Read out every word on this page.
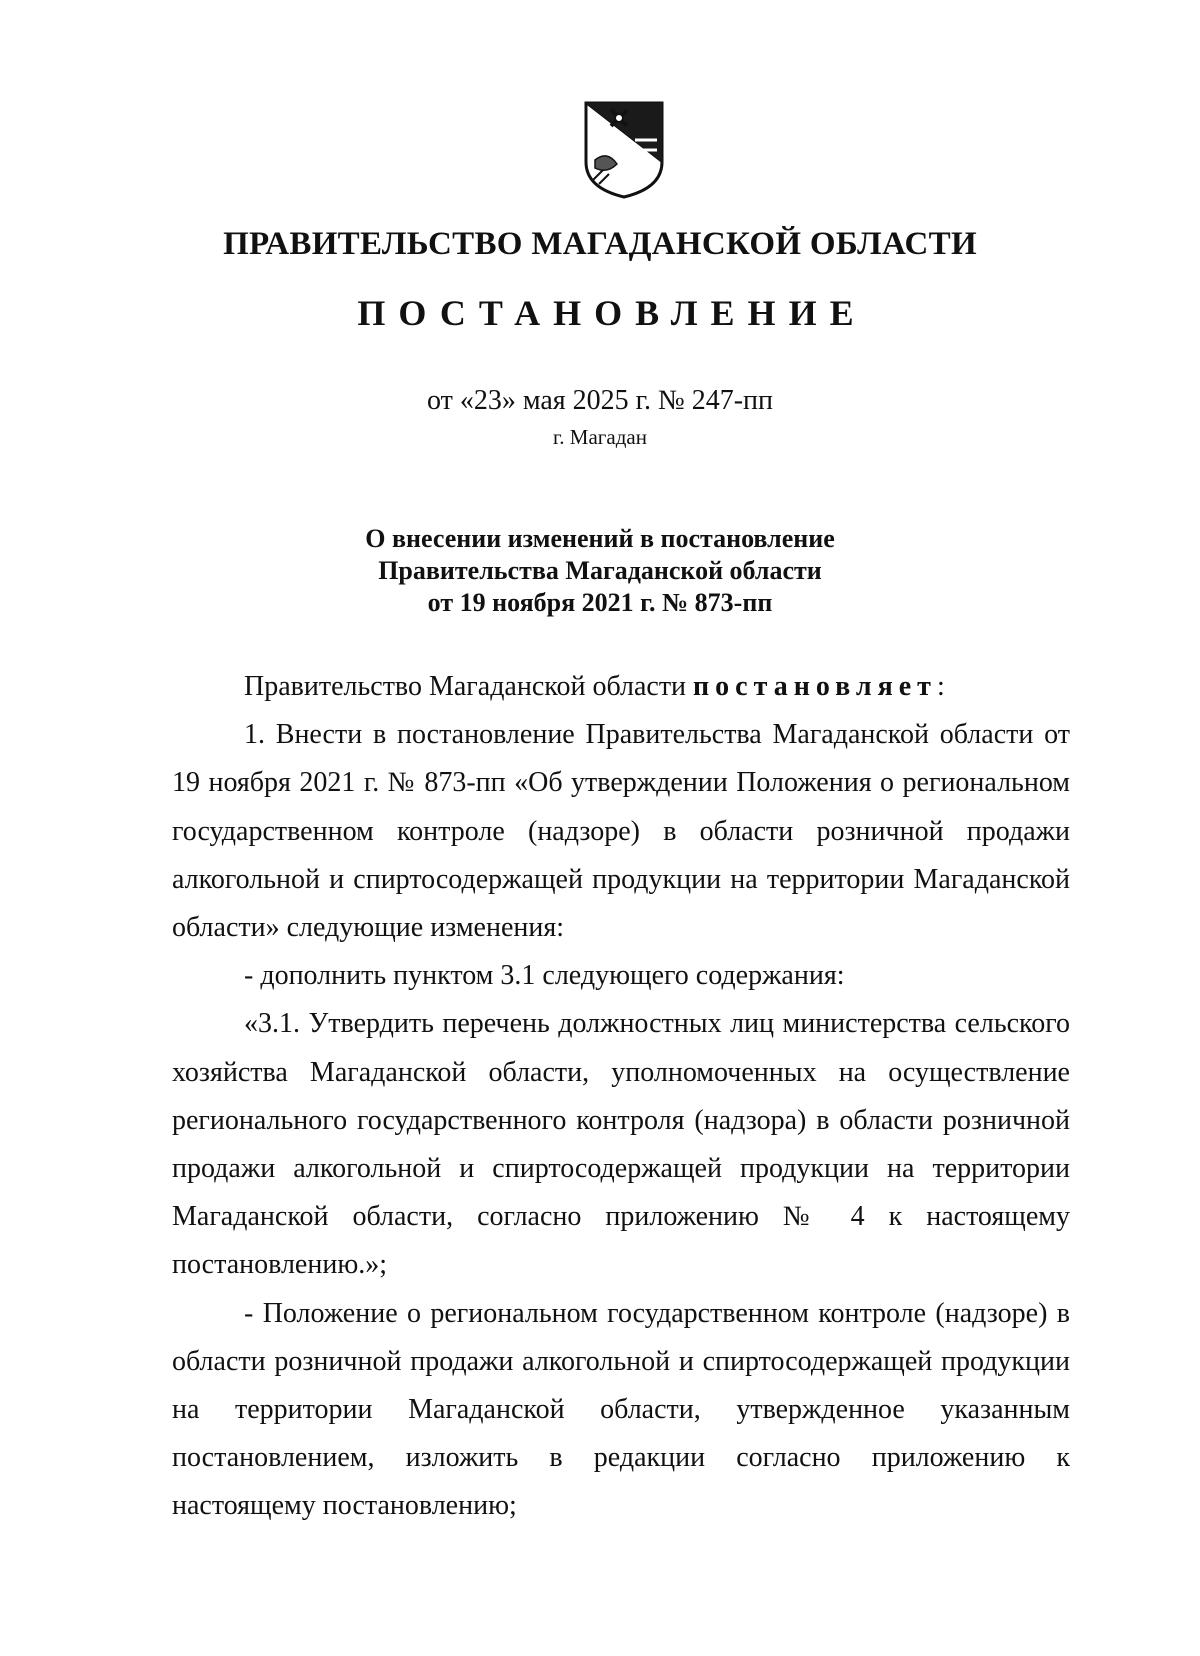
ПРАВИТЕЛЬСТВО МАГАДАНСКОЙ ОБЛАСТИ
ПОСТАНОВЛЕНИЕ
от «23» мая 2025 г. № 247-пп
г. Магадан
О внесении изменений в постановление
Правительства Магаданской области
от 19 ноября 2021 г. № 873-пп

Правительство Магаданской области постановляет:

1. Внести в постановление Правительства Магаданской области от 19 ноября 2021 г. № 873-пп «Об утверждении Положения о региональном государственном контроле (надзоре) в области розничной продажи алкогольной и спиртосодержащей продукции на территории Магаданской области» следующие изменения:

- дополнить пунктом 3.1 следующего содержания:

«3.1. Утвердить перечень должностных лиц министерства сельского хозяйства Магаданской области, уполномоченных на осуществление регионального государственного контроля (надзора) в области розничной продажи алкогольной и спиртосодержащей продукции на территории Магаданской области, согласно приложению № 4 к настоящему постановлению.»;

- Положение о региональном государственном контроле (надзоре) в области розничной продажи алкогольной и спиртосодержащей продукции на территории Магаданской области, утвержденное указанным постановлением, изложить в редакции согласно приложению к настоящему постановлению;
